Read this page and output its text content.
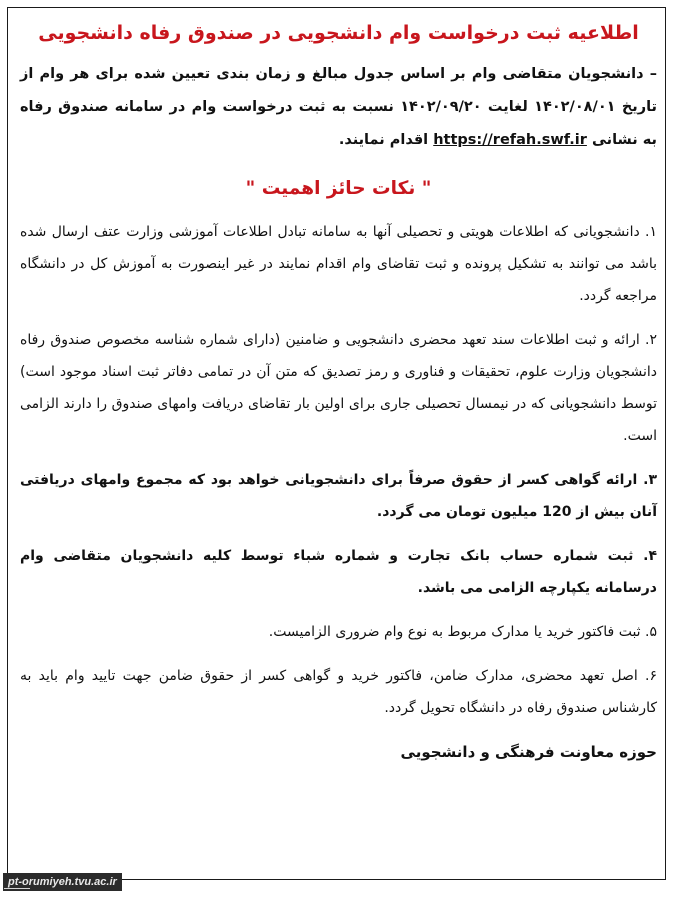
اطلاعیه ثبت درخواست وام دانشجویی در صندوق رفاه دانشجویی

– دانشجویان متقاضی وام بر اساس جدول مبالغ و زمان بندی تعیین شده برای هر وام از تاریخ ۱۴۰۲/۰۸/۰۱ لغایت ۱۴۰۲/۰۹/۲۰ نسبت به ثبت درخواست وام در سامانه صندوق رفاه به نشانی https://refah.swf.ir اقدام نمایند.

" نکات حائز اهمیت "

۱. دانشجویانی که اطلاعات هویتی و تحصیلی آنها به سامانه تبادل اطلاعات آموزشی وزارت عتف ارسال شده باشد می توانند به تشکیل پرونده و ثبت تقاضای وام اقدام نمایند در غیر اینصورت به آموزش کل در دانشگاه مراجعه گردد.

۲. ارائه و ثبت اطلاعات سند تعهد محضری دانشجویی و ضامنین (دارای شماره شناسه مخصوص صندوق رفاه دانشجویان وزارت علوم، تحقیقات و فناوری و رمز تصدیق که متن آن در تمامی دفاتر ثبت اسناد موجود است) توسط دانشجویانی که در نیمسال تحصیلی جاری برای اولین بار تقاضای دریافت وامهای صندوق را دارند الزامی است.

۳. ارائه گواهی کسر از حقوق صرفاً برای دانشجویانی خواهد بود که مجموع وامهای دریافتی آنان بیش از 120 میلیون تومان می گردد.

۴. ثبت شماره حساب بانک تجارت و شماره شباء توسط کلیه دانشجویان متقاضی وام درسامانه یکپارچه الزامی می باشد.

۵. ثبت فاکتور خرید یا مدارک مربوط به نوع وام ضروری الزامیست.

۶. اصل تعهد محضری، مدارک ضامن، فاکتور خرید و گواهی کسر از حقوق ضامن جهت تایید وام باید به کارشناس صندوق رفاه در دانشگاه تحویل گردد.

حوزه معاونت فرهنگی و دانشجویی
pt-orumiyeh.tvu.ac.ir
